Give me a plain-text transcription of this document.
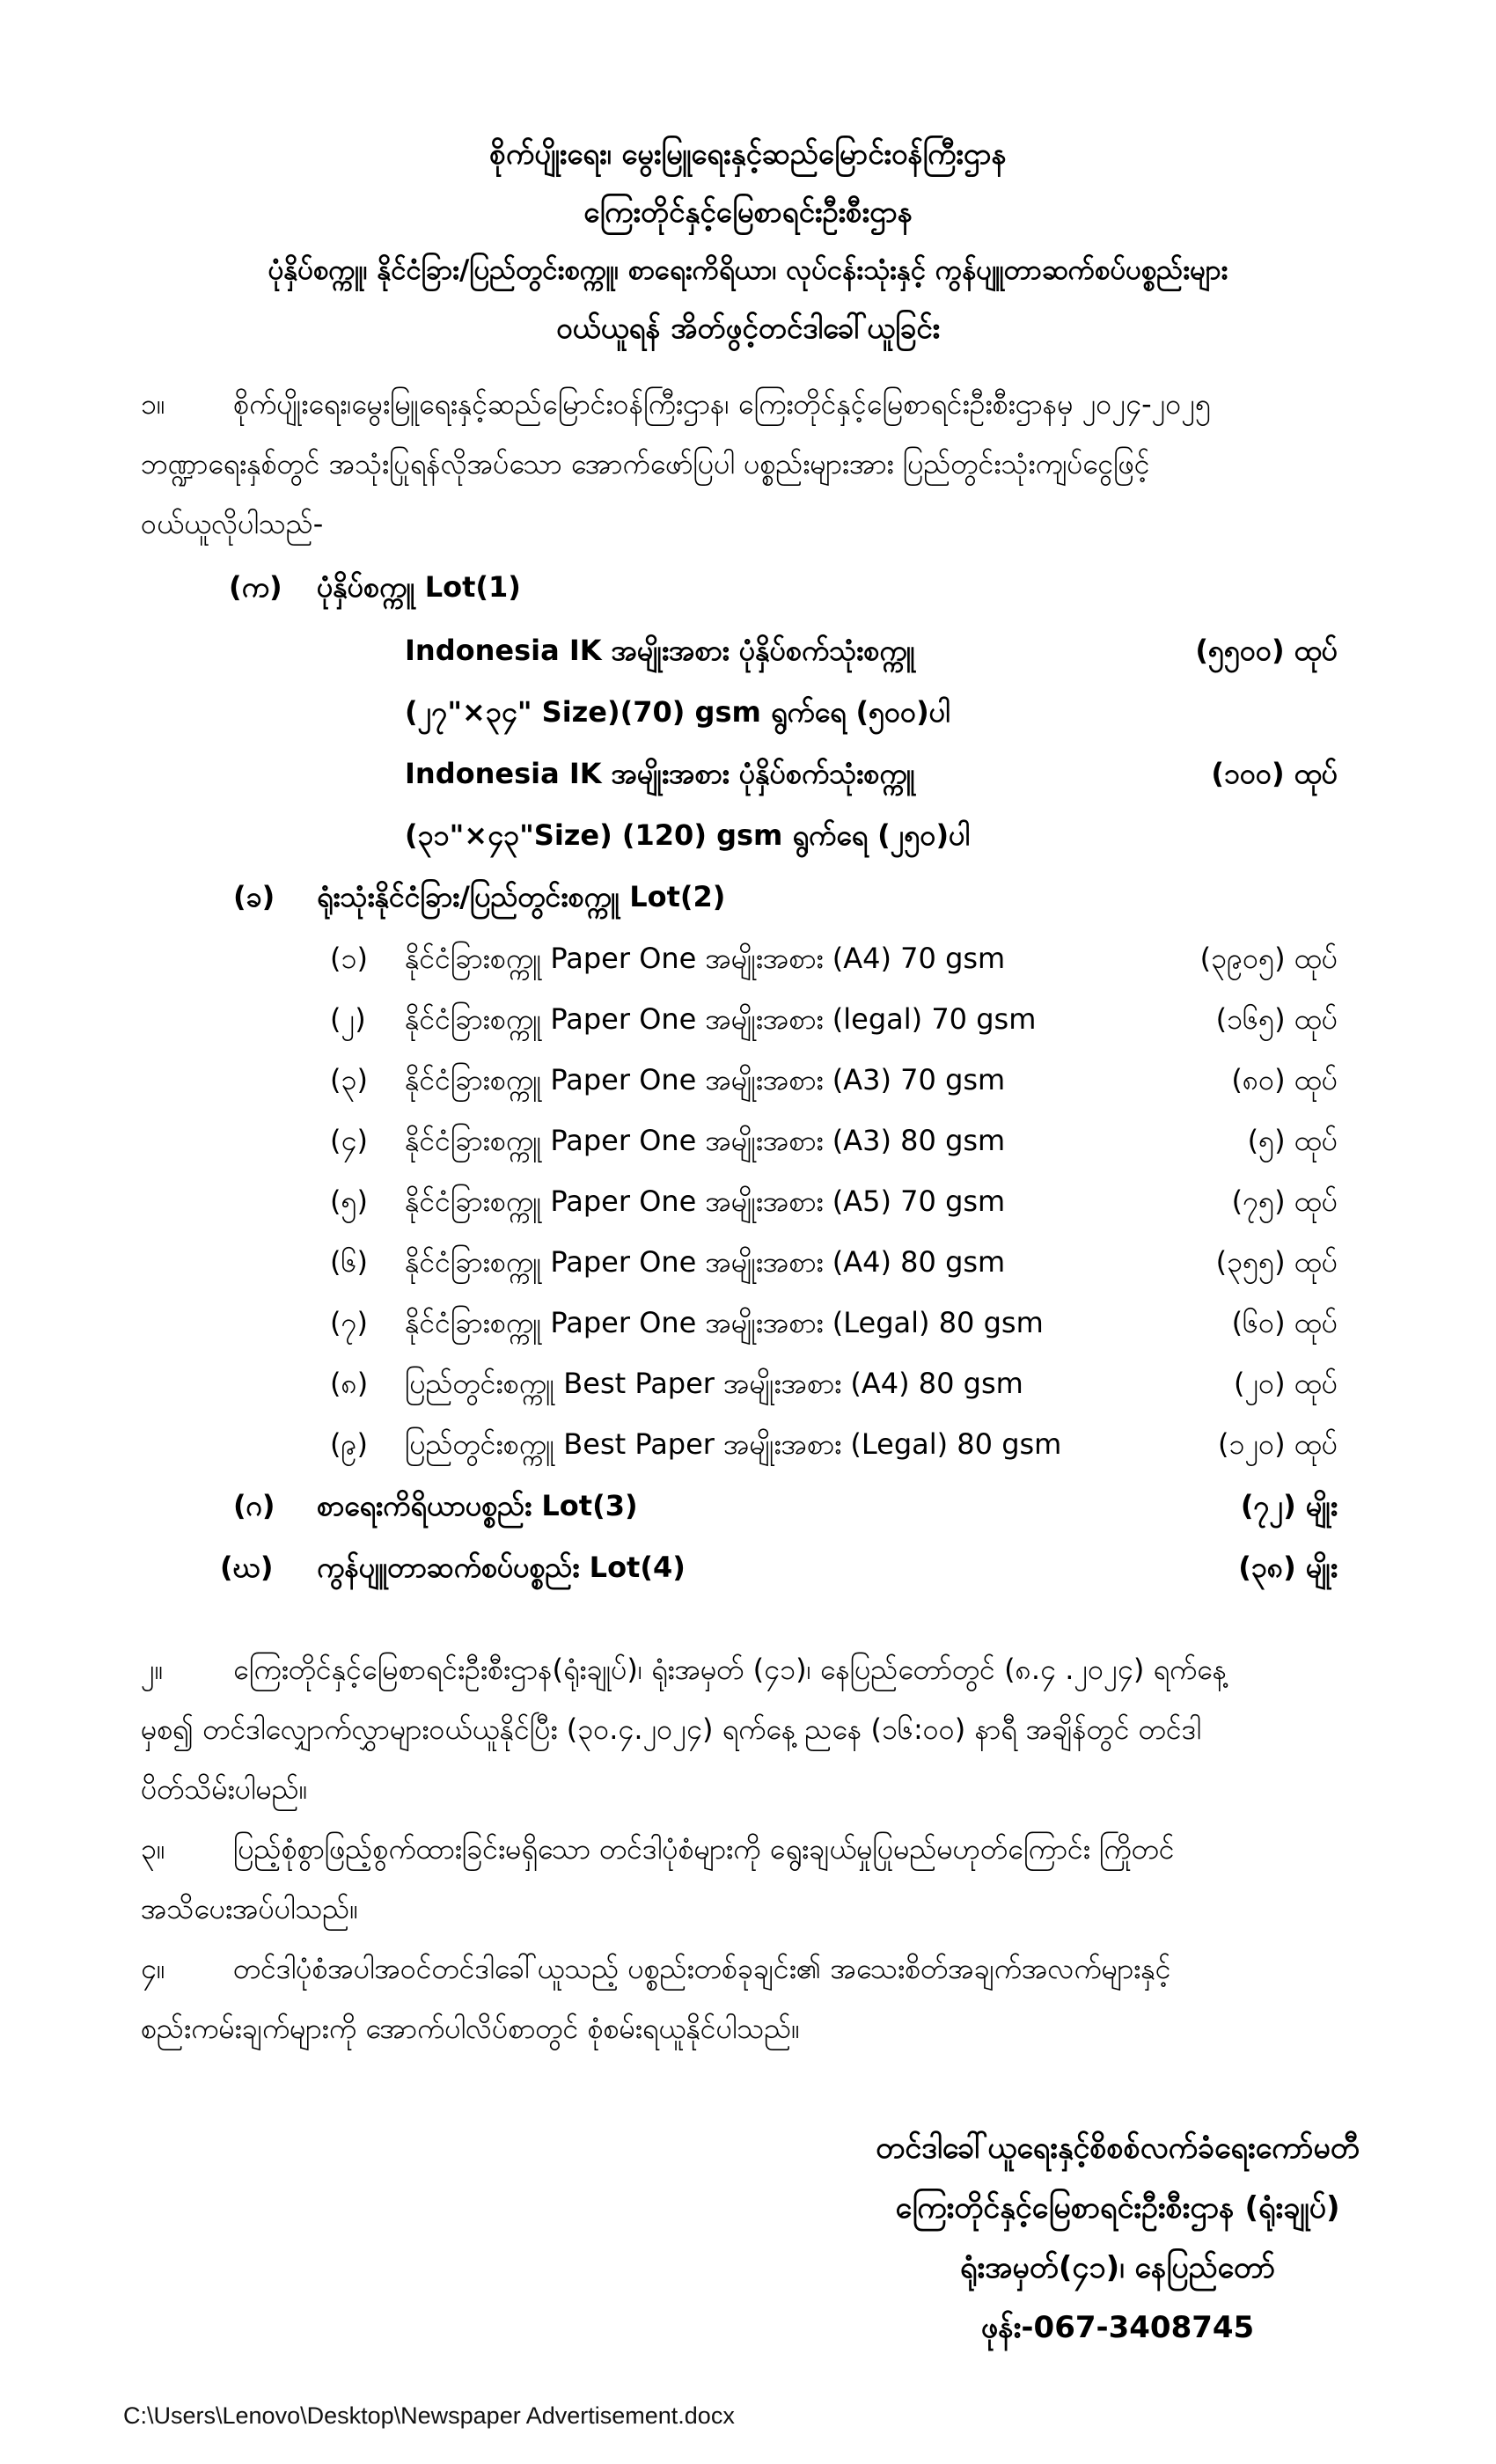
စိုက်ပျိုးရေး၊ မွေးမြူရေးနှင့်ဆည်မြောင်းဝန်ကြီးဌာန
ကြေးတိုင်နှင့်မြေစာရင်းဦးစီးဌာန
ပုံနှိပ်စက္ကူ၊ နိုင်ငံခြား/ပြည်တွင်းစက္ကူ၊ စာရေးကိရိယာ၊ လုပ်ငန်းသုံးနှင့် ကွန်ပျူတာဆက်စပ်ပစ္စည်းများ
ဝယ်ယူရန် အိတ်ဖွင့်တင်ဒါခေါ်ယူခြင်း
၁။ စိုက်ပျိုးရေး၊မွေးမြူရေးနှင့်ဆည်မြောင်းဝန်ကြီးဌာန၊ ကြေးတိုင်နှင့်မြေစာရင်းဦးစီးဌာနမှ ၂၀၂၄-၂၀၂၅
ဘဏ္ဍာရေးနှစ်တွင် အသုံးပြုရန်လိုအပ်သော အောက်ဖော်ပြပါ ပစ္စည်းများအား ပြည်တွင်းသုံးကျပ်ငွေဖြင့်
ဝယ်ယူလိုပါသည်-
(က) ပုံနှိပ်စက္ကူ Lot(1)
Indonesia IK အမျိုးအစား ပုံနှိပ်စက်သုံးစက္ကူ	(၅၅၀၀) ထုပ်
(၂၇"×၃၄" Size)(70) gsm ရွက်ရေ (၅၀၀)ပါ
Indonesia IK အမျိုးအစား ပုံနှိပ်စက်သုံးစက္ကူ	(၁၀၀) ထုပ်
(၃၁"×၄၃"Size) (120) gsm ရွက်ရေ (၂၅၀)ပါ
(ခ) ရုံးသုံးနိုင်ငံခြား/ပြည်တွင်းစက္ကူ Lot(2)
(၁) နိုင်ငံခြားစက္ကူ Paper One အမျိုးအစား (A4) 70 gsm	(၃၉၀၅) ထုပ်
(၂) နိုင်ငံခြားစက္ကူ Paper One အမျိုးအစား (legal) 70 gsm	(၁၆၅) ထုပ်
(၃) နိုင်ငံခြားစက္ကူ Paper One အမျိုးအစား (A3) 70 gsm	(၈၀) ထုပ်
(၄) နိုင်ငံခြားစက္ကူ Paper One အမျိုးအစား (A3) 80 gsm	(၅) ထုပ်
(၅) နိုင်ငံခြားစက္ကူ Paper One အမျိုးအစား (A5) 70 gsm	(၇၅) ထုပ်
(၆) နိုင်ငံခြားစက္ကူ Paper One အမျိုးအစား (A4) 80 gsm	(၃၅၅) ထုပ်
(၇) နိုင်ငံခြားစက္ကူ Paper One အမျိုးအစား (Legal) 80 gsm	(၆၀) ထုပ်
(၈) ပြည်တွင်းစက္ကူ Best Paper အမျိုးအစား (A4) 80 gsm	(၂၀) ထုပ်
(၉) ပြည်တွင်းစက္ကူ Best Paper အမျိုးအစား (Legal) 80 gsm	(၁၂၀) ထုပ်
(ဂ) စာရေးကိရိယာပစ္စည်း Lot(3)	(၇၂) မျိုး
(ဃ) ကွန်ပျူတာဆက်စပ်ပစ္စည်း Lot(4)	(၃၈) မျိုး
၂။ ကြေးတိုင်နှင့်မြေစာရင်းဦးစီးဌာန(ရုံးချုပ်)၊ ရုံးအမှတ် (၄၁)၊ နေပြည်တော်တွင် (၈.၄ .၂၀၂၄) ရက်နေ့
မှစ၍ တင်ဒါလျှောက်လွှာများဝယ်ယူနိုင်ပြီး (၃၀.၄.၂၀၂၄) ရက်နေ့ ညနေ (၁၆:၀၀) နာရီ အချိန်တွင် တင်ဒါ
ပိတ်သိမ်းပါမည်။
၃။ ပြည့်စုံစွာဖြည့်စွက်ထားခြင်းမရှိသော တင်ဒါပုံစံများကို ရွေးချယ်မှုပြုမည်မဟုတ်ကြောင်း ကြိုတင်
အသိပေးအပ်ပါသည်။
၄။ တင်ဒါပုံစံအပါအဝင်တင်ဒါခေါ်ယူသည့် ပစ္စည်းတစ်ခုချင်း၏ အသေးစိတ်အချက်အလက်များနှင့်
စည်းကမ်းချက်များကို အောက်ပါလိပ်စာတွင် စုံစမ်းရယူနိုင်ပါသည်။
တင်ဒါခေါ်ယူရေးနှင့်စိစစ်လက်ခံရေးကော်မတီ
ကြေးတိုင်နှင့်မြေစာရင်းဦးစီးဌာန (ရုံးချုပ်)
ရုံးအမှတ်(၄၁)၊ နေပြည်တော်
ဖုန်း-067-3408745
C:\Users\Lenovo\Desktop\Newspaper Advertisement.docx
